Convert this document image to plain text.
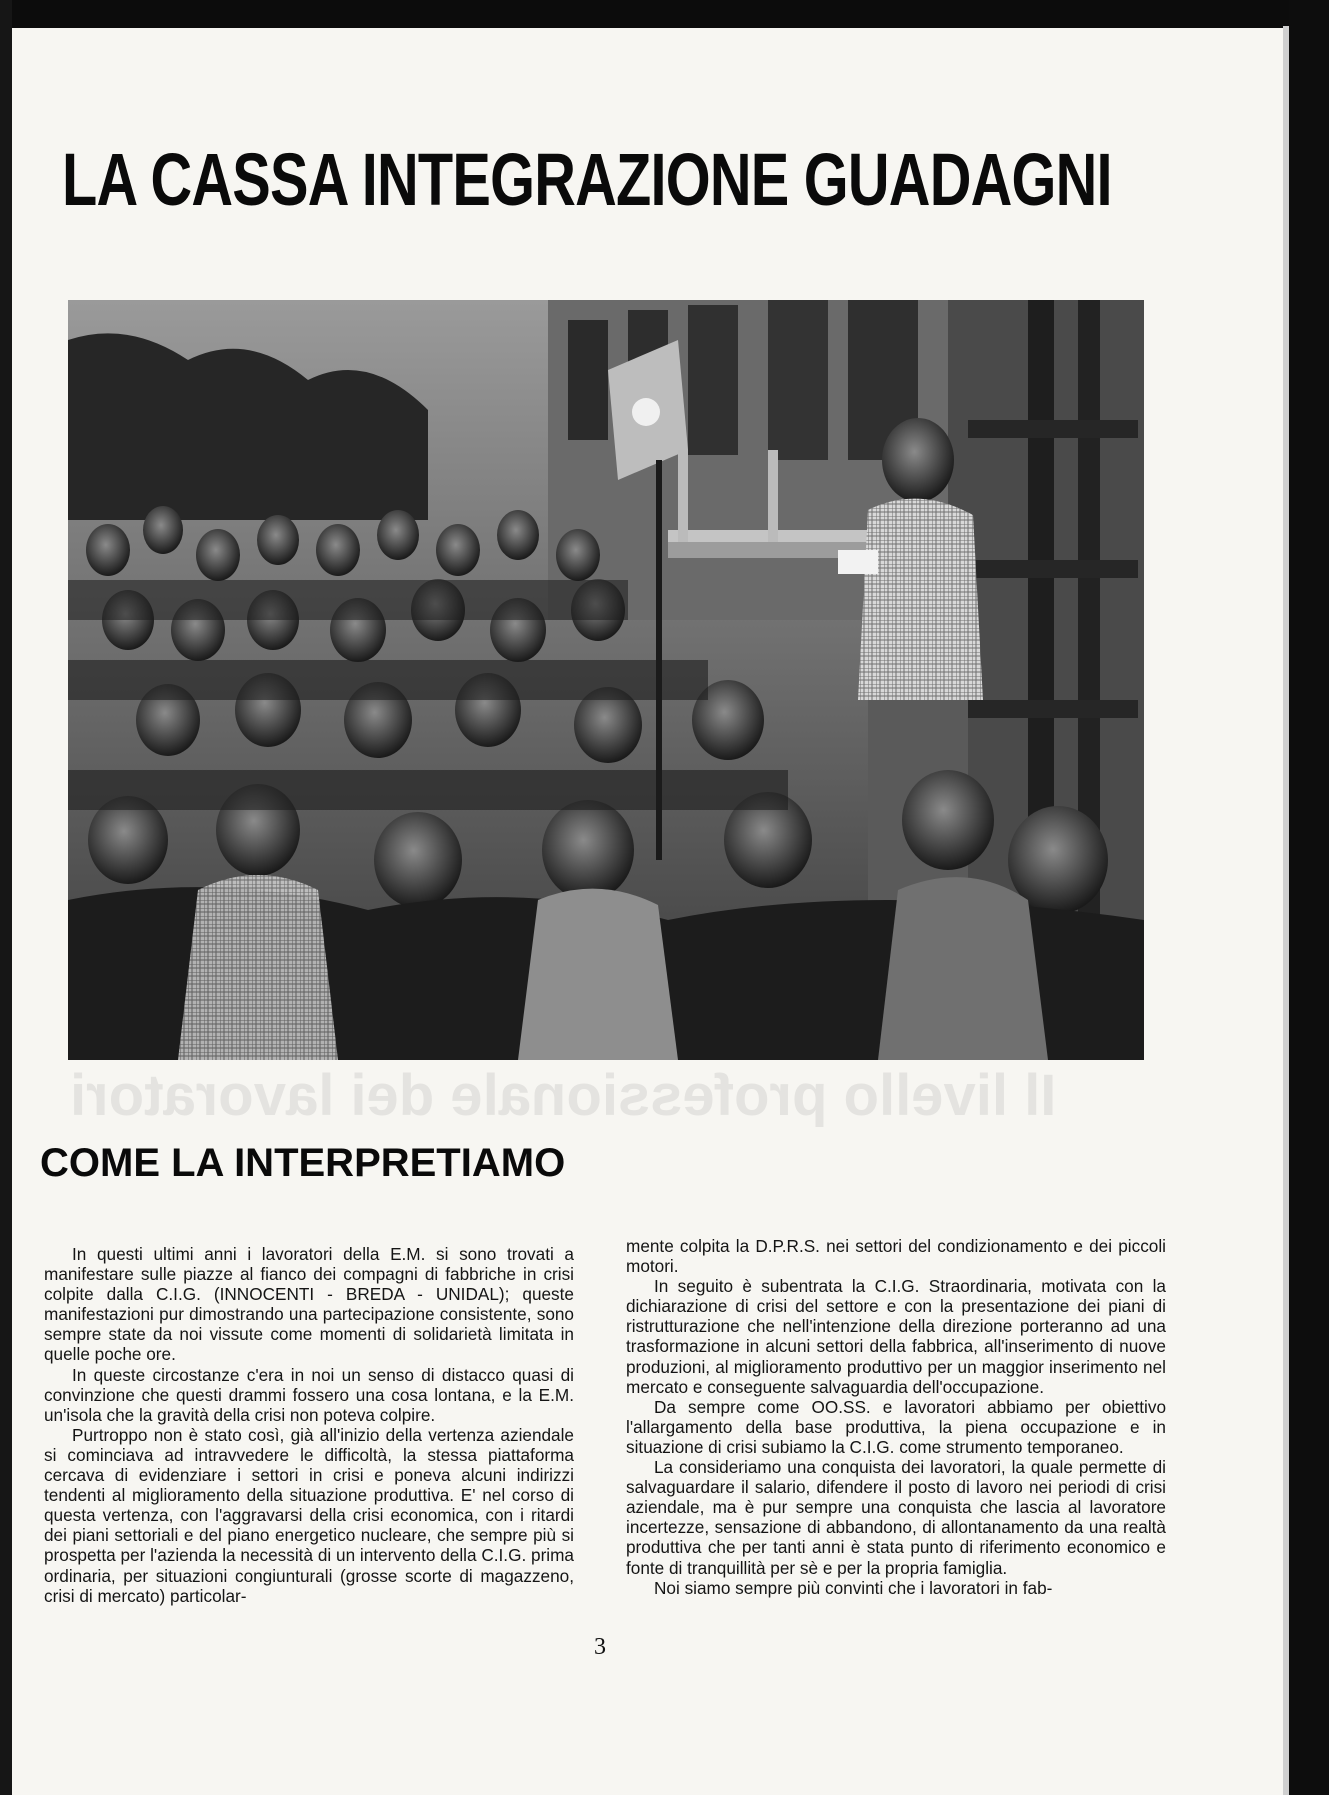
Il livello professionale dei lavoratori
LA CASSA INTEGRAZIONE GUADAGNI
COME LA INTERPRETIAMO

In questi ultimi anni i lavoratori della E.M. si sono trovati a manifestare sulle piazze al fianco dei compagni di fabbriche in crisi colpite dalla C.I.G. (INNOCENTI - BREDA - UNIDAL); queste manifestazioni pur dimostrando una partecipazione consistente, sono sempre state da noi vissute come momenti di solidarietà limitata in quelle poche ore.

In queste circostanze c'era in noi un senso di distacco quasi di convinzione che questi drammi fossero una cosa lontana, e la E.M. un'isola che la gravità della crisi non poteva colpire.

Purtroppo non è stato così, già all'inizio della vertenza aziendale si cominciava ad intravvedere le difficoltà, la stessa piattaforma cercava di evidenziare i settori in crisi e poneva alcuni indirizzi tendenti al miglioramento della situazione produttiva. E' nel corso di questa vertenza, con l'aggravarsi della crisi economica, con i ritardi dei piani settoriali e del piano energetico nucleare, che sempre più si prospetta per l'azienda la necessità di un intervento della C.I.G. prima ordinaria, per situazioni congiunturali (grosse scorte di magazzeno, crisi di mercato) particolar-

3

mente colpita la D.P.R.S. nei settori del condizionamento e dei piccoli motori.

In seguito è subentrata la C.I.G. Straordinaria, motivata con la dichiarazione di crisi del settore e con la presentazione dei piani di ristrutturazione che nell'intenzione della direzione porteranno ad una trasformazione in alcuni settori della fabbrica, all'inserimento di nuove produzioni, al miglioramento produttivo per un maggior inserimento nel mercato e conseguente salvaguardia dell'occupazione.

Da sempre come OO.SS. e lavoratori abbiamo per obiettivo l'allargamento della base produttiva, la piena occupazione e in situazione di crisi subiamo la C.I.G. come strumento temporaneo.

La consideriamo una conquista dei lavoratori, la quale permette di salvaguardare il salario, difendere il posto di lavoro nei periodi di crisi aziendale, ma è pur sempre una conquista che lascia al lavoratore incertezze, sensazione di abbandono, di allontanamento da una realtà produttiva che per tanti anni è stata punto di riferimento economico e fonte di tranquillità per sè e per la propria famiglia.

Noi siamo sempre più convinti che i lavoratori in fab-
